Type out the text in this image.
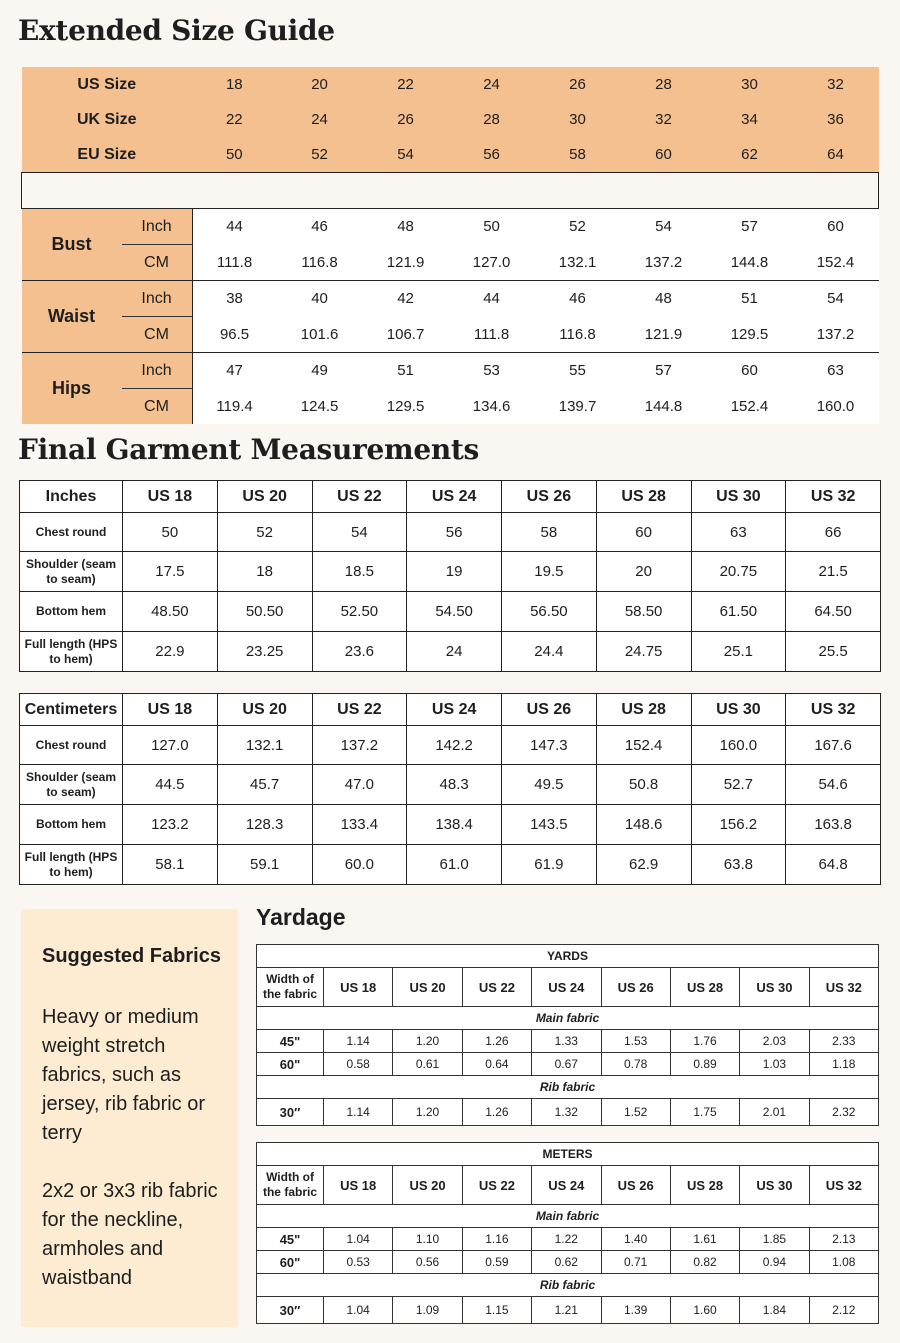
Extended Size Guide
US Size		18	20	22	24	26	28	30	32
UK Size		22	24	26	28	30	32	34	36
EU Size		50	52	54	56	58	60	62	64

Bust	Inch	44	46	48	50	52	54	57	60
	CM	111.8	116.8	121.9	127.0	132.1	137.2	144.8	152.4
Waist	Inch	38	40	42	44	46	48	51	54
	CM	96.5	101.6	106.7	111.8	116.8	121.9	129.5	137.2
Hips	Inch	47	49	51	53	55	57	60	63
	CM	119.4	124.5	129.5	134.6	139.7	144.8	152.4	160.0
Final Garment Measurements
Inches	US 18	US 20	US 22	US 24	US 26	US 28	US 30	US 32
Chest round	50	52	54	56	58	60	63	66
Shoulder (seam to seam)	17.5	18	18.5	19	19.5	20	20.75	21.5
Bottom hem	48.50	50.50	52.50	54.50	56.50	58.50	61.50	64.50
Full length (HPS to hem)	22.9	23.25	23.6	24	24.4	24.75	25.1	25.5
Centimeters	US 18	US 20	US 22	US 24	US 26	US 28	US 30	US 32
Chest round	127.0	132.1	137.2	142.2	147.3	152.4	160.0	167.6
Shoulder (seam to seam)	44.5	45.7	47.0	48.3	49.5	50.8	52.7	54.6
Bottom hem	123.2	128.3	133.4	138.4	143.5	148.6	156.2	163.8
Full length (HPS to hem)	58.1	59.1	60.0	61.0	61.9	62.9	63.8	64.8
Suggested Fabrics
Heavy or medium weight stretch fabrics, such as jersey, rib fabric or terry
2x2 or 3x3 rib fabric for the neckline, armholes and waistband
Yardage
YARDS								
Width of the fabric	US 18	US 20	US 22	US 24	US 26	US 28	US 30	US 32
Main fabric								
45"	1.14	1.20	1.26	1.33	1.53	1.76	2.03	2.33
60"	0.58	0.61	0.64	0.67	0.78	0.89	1.03	1.18
Rib fabric								
30″	1.14	1.20	1.26	1.32	1.52	1.75	2.01	2.32
METERS								
Width of the fabric	US 18	US 20	US 22	US 24	US 26	US 28	US 30	US 32
Main fabric								
45"	1.04	1.10	1.16	1.22	1.40	1.61	1.85	2.13
60"	0.53	0.56	0.59	0.62	0.71	0.82	0.94	1.08
Rib fabric								
30″	1.04	1.09	1.15	1.21	1.39	1.60	1.84	2.12
